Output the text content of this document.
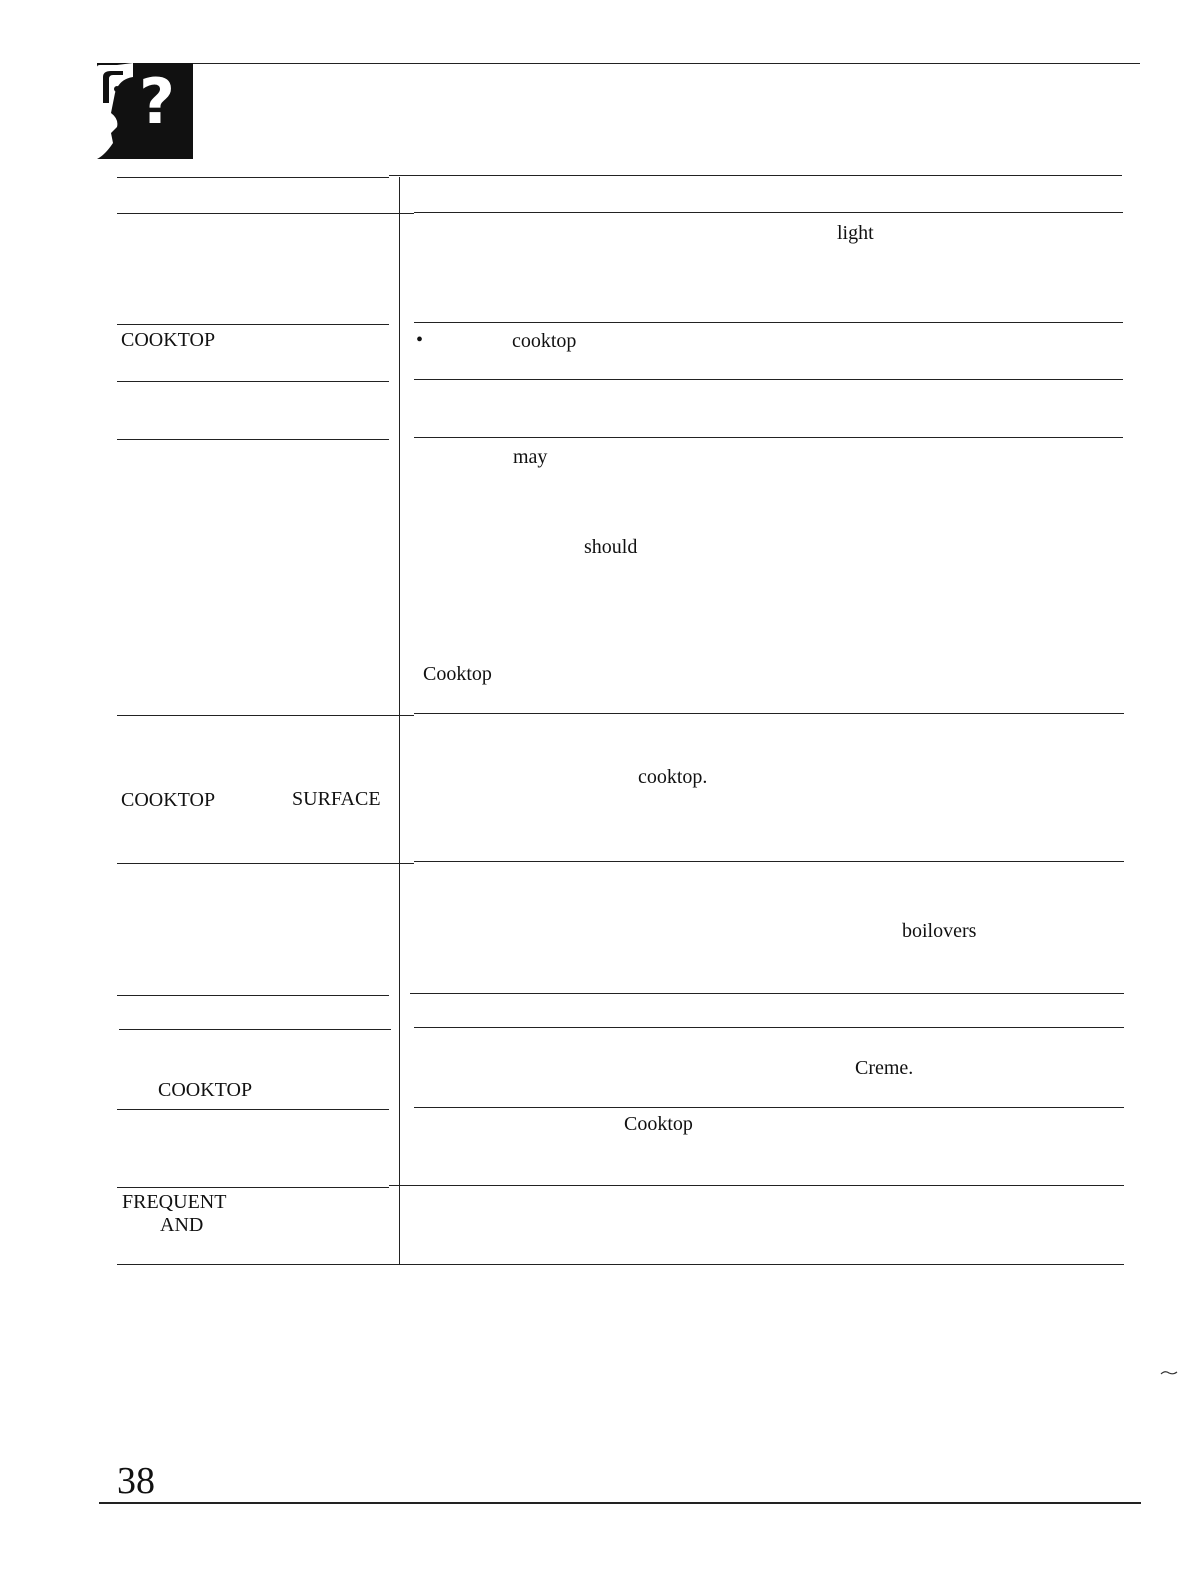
?
COOKTOP
COOKTOP	SURFACE
COOKTOP
FREQUENT
AND
light
•	cooktop
may
should
Cooktop
cooktop.
boilovers
Creme.
Cooktop
38
